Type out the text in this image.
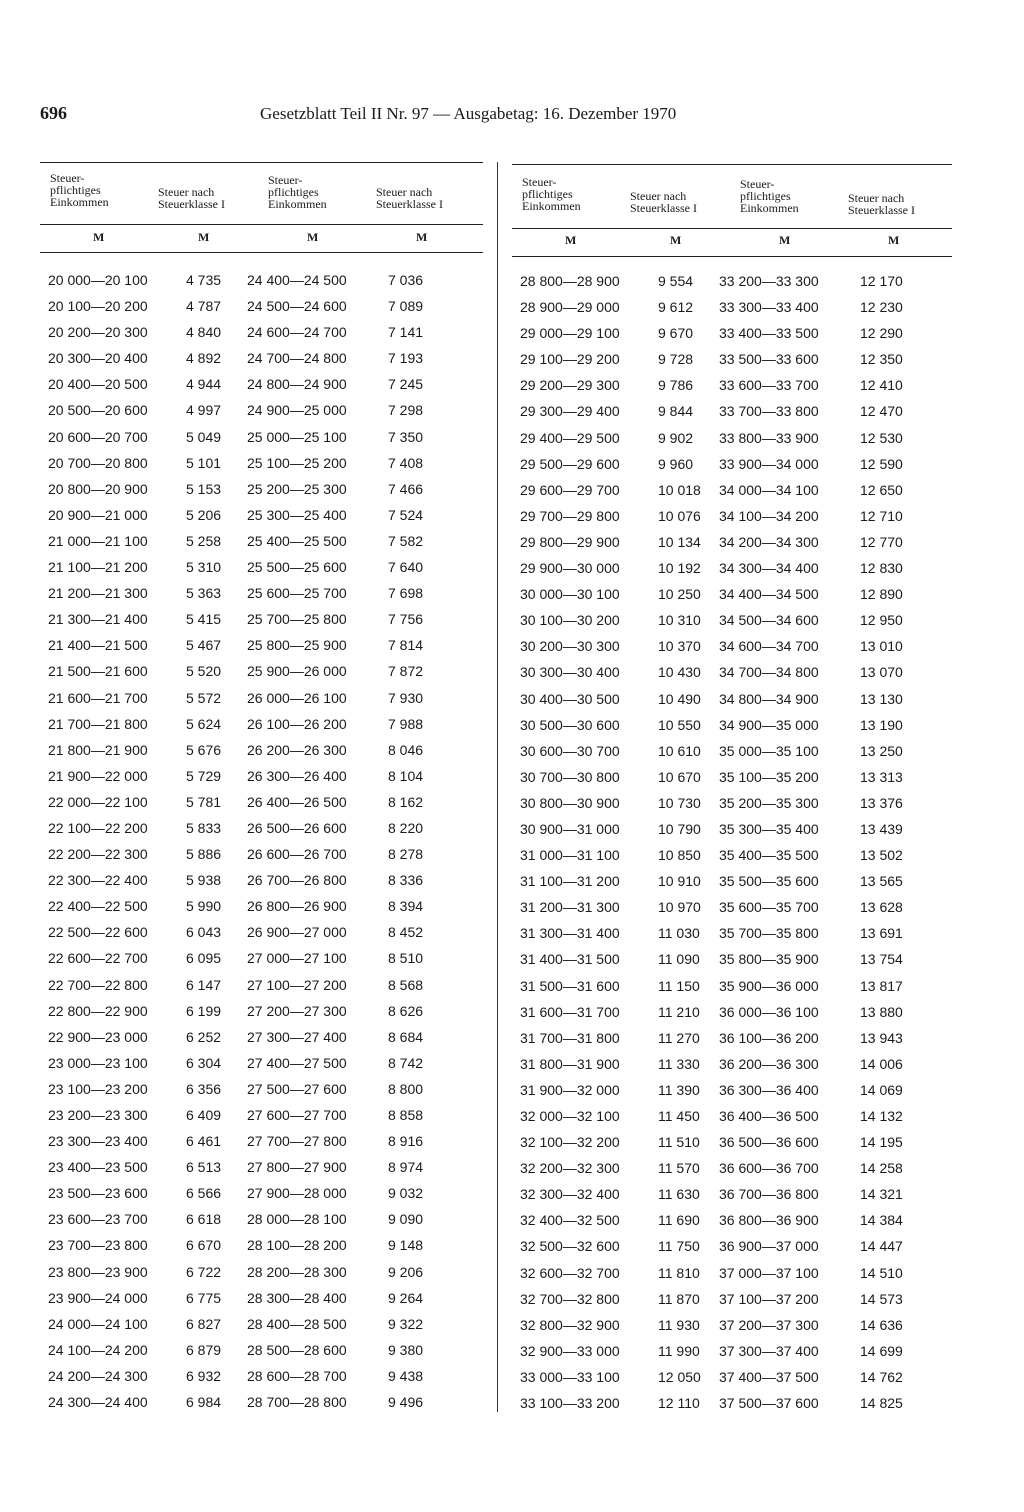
696	Gesetzblatt Teil II Nr. 97 — Ausgabetag: 16. Dezember 1970
Steuer-
pflichtiges
Einkommen
Steuer nach
Steuerklasse I
Steuer-
pflichtiges
Einkommen
Steuer nach
Steuerklasse I
M	M	M	M
20 000—20 100	4 735 24 400—24 500	7 036
20 100—20 200	4 787 24 500—24 600	7 089
20 200—20 300	4 840 24 600—24 700	7 141
20 300—20 400	4 892 24 700—24 800	7 193
20 400—20 500	4 944 24 800—24 900	7 245
20 500—20 600	4 997 24 900—25 000	7 298
20 600—20 700	5 049 25 000—25 100	7 350
20 700—20 800	5 101 25 100—25 200	7 408
20 800—20 900	5 153 25 200—25 300	7 466
20 900—21 000	5 206 25 300—25 400	7 524
21 000—21 100	5 258 25 400—25 500	7 582
21 100—21 200	5 310 25 500—25 600	7 640
21 200—21 300	5 363 25 600—25 700	7 698
21 300—21 400	5 415 25 700—25 800	7 756
21 400—21 500	5 467 25 800—25 900	7 814
21 500—21 600	5 520 25 900—26 000	7 872
21 600—21 700	5 572 26 000—26 100	7 930
21 700—21 800	5 624 26 100—26 200	7 988
21 800—21 900	5 676 26 200—26 300	8 046
21 900—22 000	5 729 26 300—26 400	8 104
22 000—22 100	5 781 26 400—26 500	8 162
22 100—22 200	5 833 26 500—26 600	8 220
22 200—22 300	5 886 26 600—26 700	8 278
22 300—22 400	5 938 26 700—26 800	8 336
22 400—22 500	5 990 26 800—26 900	8 394
22 500—22 600	6 043 26 900—27 000	8 452
22 600—22 700	6 095 27 000—27 100	8 510
22 700—22 800	6 147 27 100—27 200	8 568
22 800—22 900	6 199 27 200—27 300	8 626
22 900—23 000	6 252 27 300—27 400	8 684
23 000—23 100	6 304 27 400—27 500	8 742
23 100—23 200	6 356 27 500—27 600	8 800
23 200—23 300	6 409 27 600—27 700	8 858
23 300—23 400	6 461 27 700—27 800	8 916
23 400—23 500	6 513 27 800—27 900	8 974
23 500—23 600	6 566 27 900—28 000	9 032
23 600—23 700	6 618 28 000—28 100	9 090
23 700—23 800	6 670 28 100—28 200	9 148
23 800—23 900	6 722 28 200—28 300	9 206
23 900—24 000	6 775 28 300—28 400	9 264
24 000—24 100	6 827 28 400—28 500	9 322
24 100—24 200	6 879 28 500—28 600	9 380
24 200—24 300	6 932 28 600—28 700	9 438
24 300—24 400	6 984 28 700—28 800	9 496
Steuer-
pflichtiges
Einkommen
Steuer nach
Steuerklasse I
Steuer-
pflichtiges
Einkommen
Steuer nach
Steuerklasse I
M	M	M	M
28 800—28 900	9 554 33 200—33 300	12 170
28 900—29 000	9 612 33 300—33 400	12 230
29 000—29 100	9 670 33 400—33 500	12 290
29 100—29 200	9 728 33 500—33 600	12 350
29 200—29 300	9 786 33 600—33 700	12 410
29 300—29 400	9 844 33 700—33 800	12 470
29 400—29 500	9 902 33 800—33 900	12 530
29 500—29 600	9 960 33 900—34 000	12 590
29 600—29 700	10 018 34 000—34 100	12 650
29 700—29 800	10 076 34 100—34 200	12 710
29 800—29 900	10 134 34 200—34 300	12 770
29 900—30 000	10 192 34 300—34 400	12 830
30 000—30 100	10 250 34 400—34 500	12 890
30 100—30 200	10 310 34 500—34 600	12 950
30 200—30 300	10 370 34 600—34 700	13 010
30 300—30 400	10 430 34 700—34 800	13 070
30 400—30 500	10 490 34 800—34 900	13 130
30 500—30 600	10 550 34 900—35 000	13 190
30 600—30 700	10 610 35 000—35 100	13 250
30 700—30 800	10 670 35 100—35 200	13 313
30 800—30 900	10 730 35 200—35 300	13 376
30 900—31 000	10 790 35 300—35 400	13 439
31 000—31 100	10 850 35 400—35 500	13 502
31 100—31 200	10 910 35 500—35 600	13 565
31 200—31 300	10 970 35 600—35 700	13 628
31 300—31 400	11 030 35 700—35 800	13 691
31 400—31 500	11 090 35 800—35 900	13 754
31 500—31 600	11 150 35 900—36 000	13 817
31 600—31 700	11 210 36 000—36 100	13 880
31 700—31 800	11 270 36 100—36 200	13 943
31 800—31 900	11 330 36 200—36 300	14 006
31 900—32 000	11 390 36 300—36 400	14 069
32 000—32 100	11 450 36 400—36 500	14 132
32 100—32 200	11 510 36 500—36 600	14 195
32 200—32 300	11 570 36 600—36 700	14 258
32 300—32 400	11 630 36 700—36 800	14 321
32 400—32 500	11 690 36 800—36 900	14 384
32 500—32 600	11 750 36 900—37 000	14 447
32 600—32 700	11 810 37 000—37 100	14 510
32 700—32 800	11 870 37 100—37 200	14 573
32 800—32 900	11 930 37 200—37 300	14 636
32 900—33 000	11 990 37 300—37 400	14 699
33 000—33 100	12 050 37 400—37 500	14 762
33 100—33 200	12 110 37 500—37 600	14 825
